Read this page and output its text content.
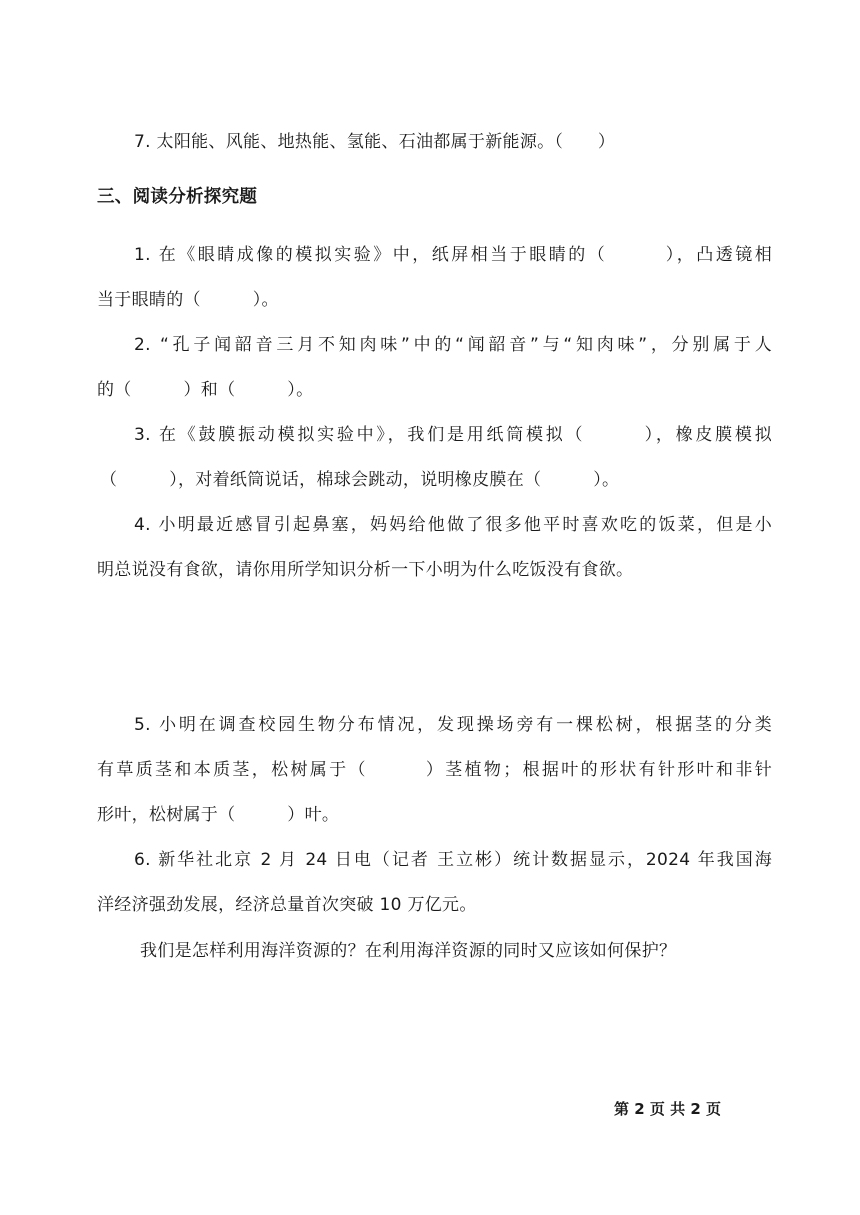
7. 太阳能、风能、地热能、氢能、石油都属于新能源。（　　）
三、阅读分析探究题
1. 在《眼睛成像的模拟实验》中，纸屏相当于眼睛的（　　　），凸透镜相
当于眼睛的（　　　）。
2. “孔子闻韶音三月不知肉味”中的“闻韶音”与“知肉味”，分别属于人
的（　　　）和（　　　）。
3. 在《鼓膜振动模拟实验中》，我们是用纸筒模拟（　　　），橡皮膜模拟
（　　　），对着纸筒说话，棉球会跳动，说明橡皮膜在（　　　）。
4. 小明最近感冒引起鼻塞，妈妈给他做了很多他平时喜欢吃的饭菜，但是小
明总说没有食欲，请你用所学知识分析一下小明为什么吃饭没有食欲。
5. 小明在调查校园生物分布情况，发现操场旁有一棵松树，根据茎的分类
有草质茎和本质茎，松树属于（　　　）茎植物；根据叶的形状有针形叶和非针
形叶，松树属于（　　　）叶。
6. 新华社北京 2 月 24 日电（记者 王立彬）统计数据显示，2024 年我国海
洋经济强劲发展，经济总量首次突破 10 万亿元。
我们是怎样利用海洋资源的？在利用海洋资源的同时又应该如何保护？
第 2 页 共 2 页
